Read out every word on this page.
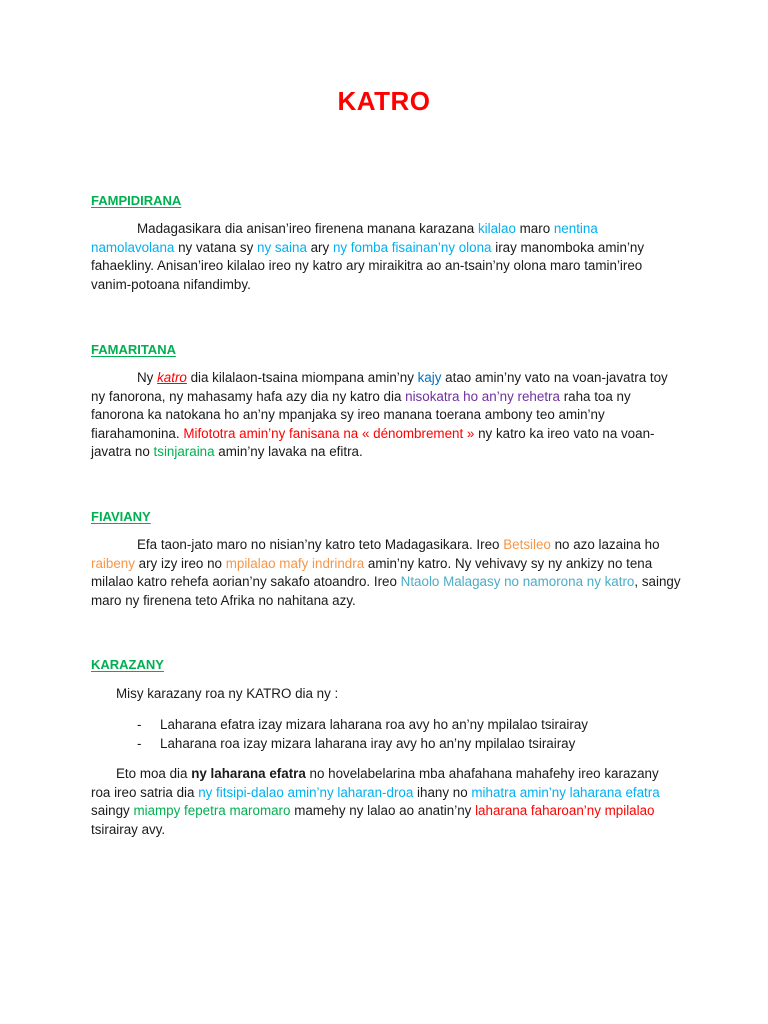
KATRO
FAMPIDIRANA

Madagasikara dia anisan’ireo firenena manana karazana kilalao maro nentina namolavolana ny vatana sy ny saina ary ny fomba fisainan’ny olona iray manomboka amin’ny fahaekliny. Anisan’ireo kilalao ireo ny katro ary miraikitra ao an-tsain’ny olona maro tamin’ireo vanim-potoana nifandimby.

FAMARITANA

Ny katro dia kilalaon-tsaina miompana amin’ny kajy atao amin’ny vato na voan-javatra toy ny fanorona, ny mahasamy hafa azy dia ny katro dia nisokatra ho an’ny rehetra raha toa ny fanorona ka natokana ho an’ny mpanjaka sy ireo manana toerana ambony teo amin’ny fiarahamonina. Mifototra amin’ny fanisana na « dénombrement » ny katro ka ireo vato na voan-javatra no tsinjaraina amin’ny lavaka na efitra.

FIAVIANY

Efa taon-jato maro no nisian’ny katro teto Madagasikara. Ireo Betsileo no azo lazaina ho raibeny ary izy ireo no mpilalao mafy indrindra amin’ny katro. Ny vehivavy sy ny ankizy no tena milalao katro rehefa aorian’ny sakafo atoandro. Ireo Ntaolo Malagasy no namorona ny katro, saingy maro ny firenena teto Afrika no nahitana azy.

KARAZANY

Misy karazany roa ny KATRO dia ny :

-	Laharana efatra izay mizara laharana roa avy ho an’ny mpilalao tsirairay
-	Laharana roa izay mizara laharana iray avy ho an’ny mpilalao tsirairay

Eto moa dia ny laharana efatra no hovelabelarina mba ahafahana mahafehy ireo karazany roa ireo satria dia ny fitsipi-dalao amin’ny laharan-droa ihany no mihatra amin’ny laharana efatra saingy miampy fepetra maromaro mamehy ny lalao ao anatin’ny laharana faharoan’ny mpilalao tsirairay avy.
